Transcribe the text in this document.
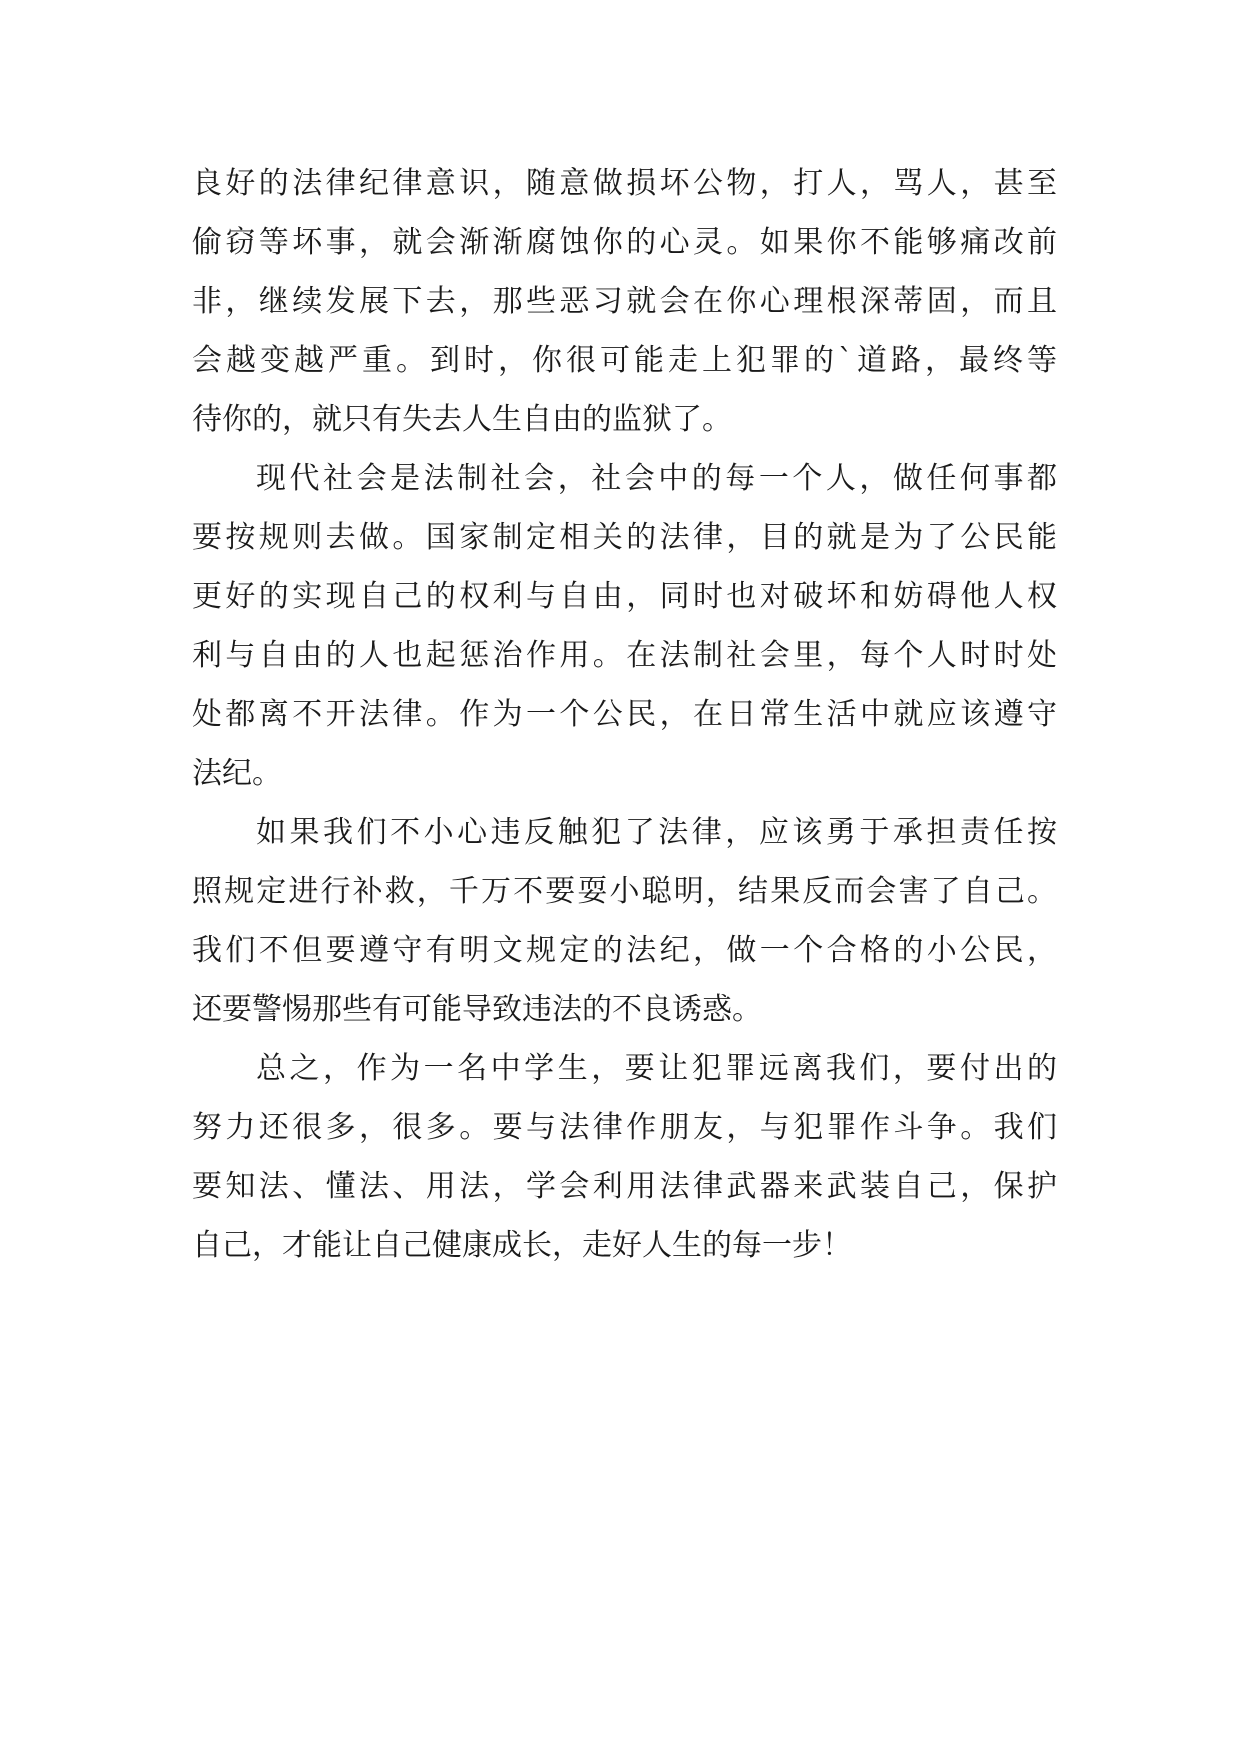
良好的法律纪律意识，随意做损坏公物，打人，骂人，甚至
偷窃等坏事，就会渐渐腐蚀你的心灵。如果你不能够痛改前
非，继续发展下去，那些恶习就会在你心理根深蒂固，而且
会越变越严重。到时，你很可能走上犯罪的`道路，最终等
待你的，就只有失去人生自由的监狱了。
现代社会是法制社会，社会中的每一个人，做任何事都
要按规则去做。国家制定相关的法律，目的就是为了公民能
更好的实现自己的权利与自由，同时也对破坏和妨碍他人权
利与自由的人也起惩治作用。在法制社会里，每个人时时处
处都离不开法律。作为一个公民，在日常生活中就应该遵守
法纪。
如果我们不小心违反触犯了法律，应该勇于承担责任按
照规定进行补救，千万不要耍小聪明，结果反而会害了自己。
我们不但要遵守有明文规定的法纪，做一个合格的小公民，
还要警惕那些有可能导致违法的不良诱惑。
总之，作为一名中学生，要让犯罪远离我们，要付出的
努力还很多，很多。要与法律作朋友，与犯罪作斗争。我们
要知法、懂法、用法，学会利用法律武器来武装自己，保护
自己，才能让自己健康成长，走好人生的每一步！
